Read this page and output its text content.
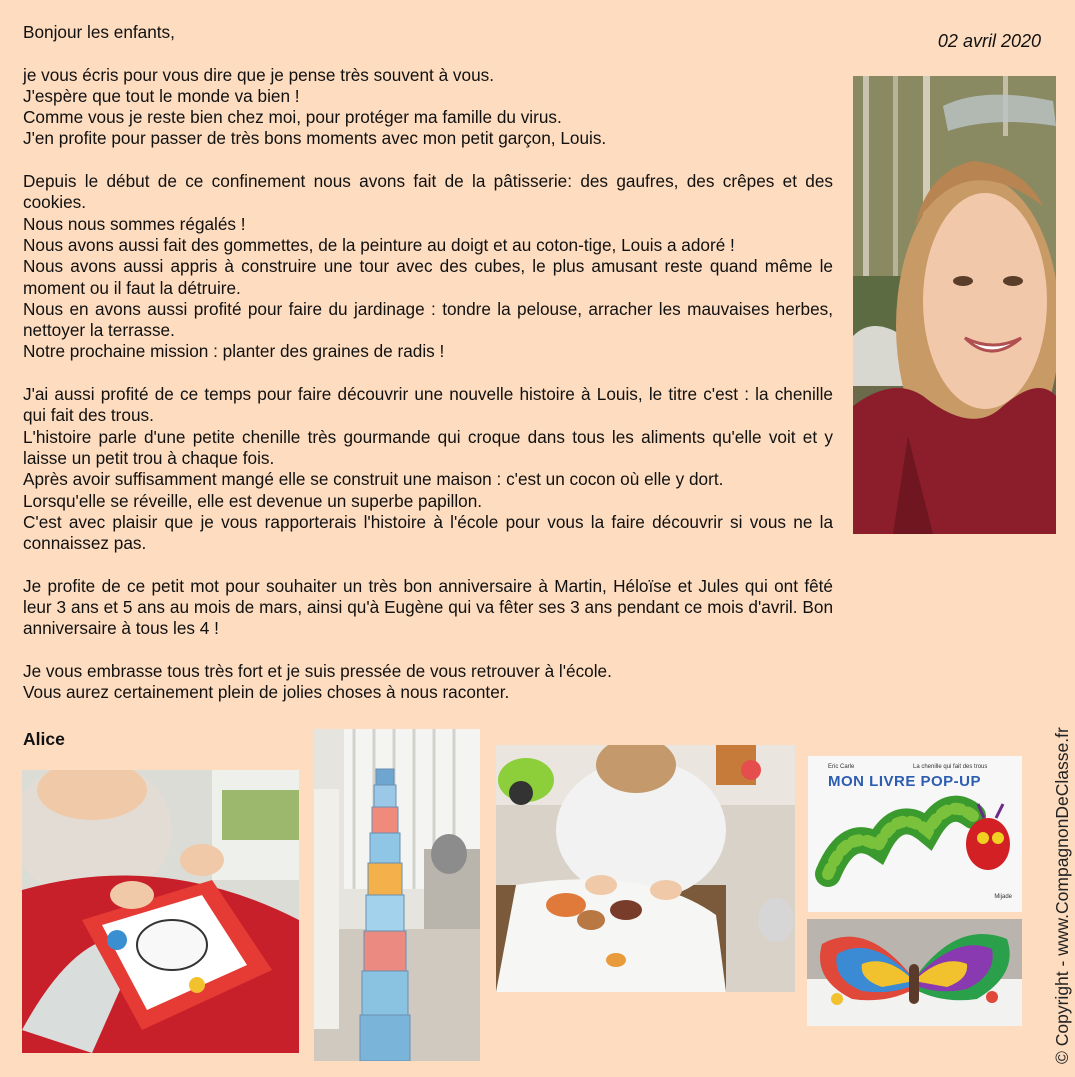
Bonjour les enfants,
je vous écris pour vous dire que je pense très souvent à vous.
J'espère que tout le monde va bien !
Comme vous je reste bien chez moi, pour protéger ma famille du virus.
J'en profite pour passer de très bons moments avec mon petit garçon, Louis.
Depuis le début de ce confinement nous avons fait de la pâtisserie: des gaufres, des crêpes et des cookies.
Nous nous sommes régalés !
Nous avons aussi fait des gommettes, de la peinture au doigt et au coton-tige, Louis a adoré !
Nous avons aussi appris à construire une tour avec des cubes, le plus amusant reste quand même le moment ou il faut la détruire.
Nous en avons aussi profité pour faire du jardinage : tondre la pelouse, arracher les mauvaises herbes, nettoyer la terrasse.
Notre prochaine mission : planter des graines de radis !
J'ai aussi profité de ce temps pour faire découvrir une nouvelle histoire à Louis, le titre c'est : la chenille qui fait des trous.
L'histoire parle d'une petite chenille très gourmande qui croque dans tous les aliments qu'elle voit et y laisse un petit trou à chaque fois.
Après avoir suffisamment mangé elle se construit une maison : c'est un cocon où elle y dort.
Lorsqu'elle se réveille, elle est devenue un superbe papillon.
C'est avec plaisir que je vous rapporterais l'histoire à l'école pour vous la faire découvrir si vous ne la connaissez pas.
Je profite de ce petit mot pour souhaiter un très bon anniversaire à Martin, Héloïse et Jules qui ont fêté leur 3 ans et 5 ans au mois de mars, ainsi qu'à Eugène qui va fêter ses 3 ans pendant ce mois d'avril. Bon anniversaire à tous les 4 !
Je vous embrasse tous très fort et je suis pressée de vous retrouver à l'école.
Vous aurez certainement plein de jolies choses à nous raconter.
02 avril 2020
Alice
Eric Carle	La chenille qui fait des trous
MON LIVRE POP-UP
Mijade © Copyright - www.CompagnonDeClasse.fr
